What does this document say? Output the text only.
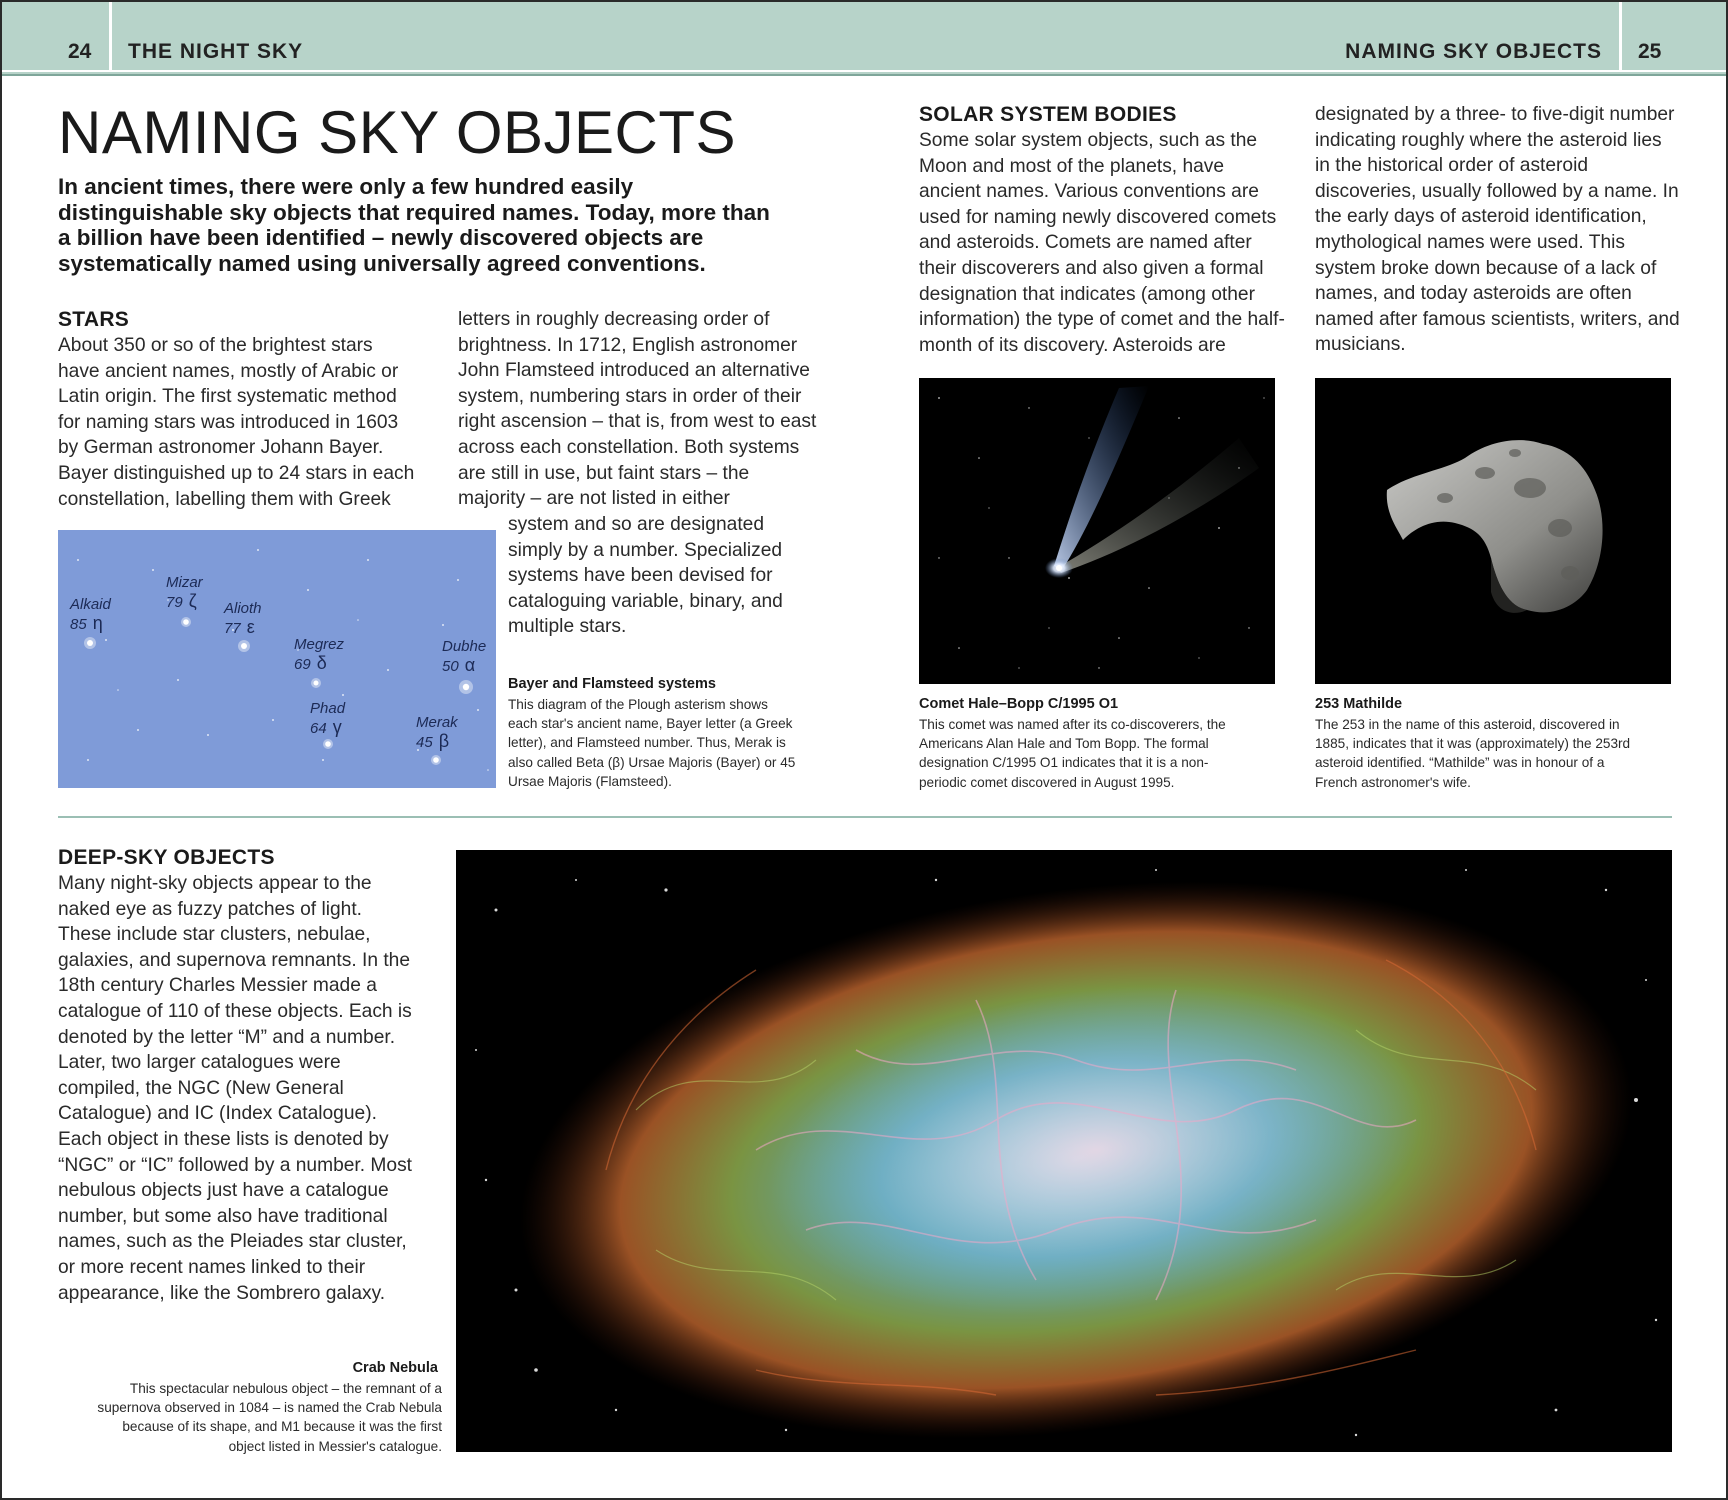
24 THE NIGHT SKY	NAMING SKY OBJECTS 25
NAMING SKY OBJECTS

In ancient times, there were only a few hundred easily distinguishable sky objects that required names. Today, more than a billion have been identified – newly discovered objects are systematically named using universally agreed conventions.

STARS

About 350 or so of the brightest stars have ancient names, mostly of Arabic or Latin origin. The first systematic method for naming stars was introduced in 1603 by German astronomer Johann Bayer. Bayer distinguished up to 24 stars in each constellation, labelling them with Greek

letters in roughly decreasing order of brightness. In 1712, English astronomer John Flamsteed introduced an alternative system, numbering stars in order of their right ascension – that is, from west to east across each constellation. Both systems are still in use, but faint stars – the majority – are not listed in either

system and so are designated simply by a number. Specialized systems have been devised for cataloguing variable, binary, and multiple stars.

Alkaid
85 η
Mizar
79 ζ	Alioth
77 ε
Megrez
69 δ
Dubhe
50 α
Phad
64 γ	Merak
45 β
Bayer and Flamsteed systems

This diagram of the Plough asterism shows each star's ancient name, Bayer letter (a Greek letter), and Flamsteed number. Thus, Merak is also called Beta (β) Ursae Majoris (Bayer) or 45 Ursae Majoris (Flamsteed).

SOLAR SYSTEM BODIES

Some solar system objects, such as the Moon and most of the planets, have ancient names. Various conventions are used for naming newly discovered comets and asteroids. Comets are named after their discoverers and also given a formal designation that indicates (among other information) the type of comet and the half-month of its discovery. Asteroids are

designated by a three- to five-digit number indicating roughly where the asteroid lies in the historical order of asteroid discoveries, usually followed by a name. In the early days of asteroid identification, mythological names were used. This system broke down because of a lack of names, and today asteroids are often named after famous scientists, writers, and musicians.

Comet Hale–Bopp C/1995 O1

This comet was named after its co-discoverers, the Americans Alan Hale and Tom Bopp. The formal designation C/1995 O1 indicates that it is a non-periodic comet discovered in August 1995.

253 Mathilde

The 253 in the name of this asteroid, discovered in 1885, indicates that it was (approximately) the 253rd asteroid identified. “Mathilde” was in honour of a French astronomer's wife.

DEEP-SKY OBJECTS

Many night-sky objects appear to the naked eye as fuzzy patches of light. These include star clusters, nebulae, galaxies, and supernova remnants. In the 18th century Charles Messier made a catalogue of 110 of these objects. Each is denoted by the letter “M” and a number. Later, two larger catalogues were compiled, the NGC (New General Catalogue) and IC (Index Catalogue). Each object in these lists is denoted by “NGC” or “IC” followed by a number. Most nebulous objects just have a catalogue number, but some also have traditional names, such as the Pleiades star cluster, or more recent names linked to their appearance, like the Sombrero galaxy.

Crab Nebula

This spectacular nebulous object – the remnant of a supernova observed in 1084 – is named the Crab Nebula because of its shape, and M1 because it was the first object listed in Messier's catalogue.
